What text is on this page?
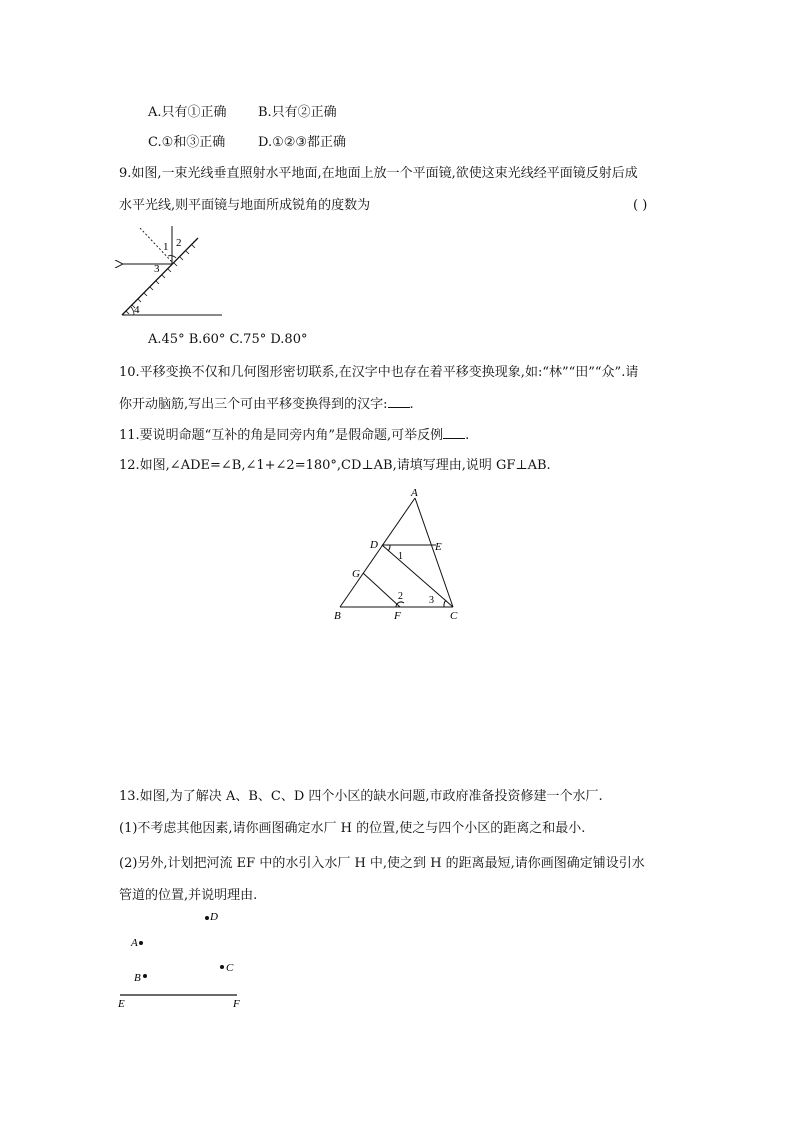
A.只有①正确 B.只有②正确
C.①和③正确	D.①②③都正确
9.如图,一束光线垂直照射水平地面,在地面上放一个平面镜,欲使这束光线经平面镜反射后成
水平光线,则平面镜与地面所成锐角的度数为	( )
1 2
3
4
A.45° B.60° C.75° D.80°
10.平移变换不仅和几何图形密切联系,在汉字中也存在着平移变换现象,如:“林”“田”“众”.请
你开动脑筋,写出三个可由平移变换得到的汉字: .
11.要说明命题“互补的角是同旁内角”是假命题,可举反例 .
12.如图,∠ADE=∠B,∠1+∠2=180°,CD⊥AB,请填写理由,说明 GF⊥AB.
A
D	E
1
G
2	3
B	F	C
13.如图,为了解决 A、B、C、D 四个小区的缺水问题,市政府准备投资修建一个水厂.
(1)不考虑其他因素,请你画图确定水厂 H 的位置,使之与四个小区的距离之和最小.
(2)另外,计划把河流 EF 中的水引入水厂 H 中,使之到 H 的距离最短,请你画图确定铺设引水
管道的位置,并说明理由.
D
A
C
B
E	F
